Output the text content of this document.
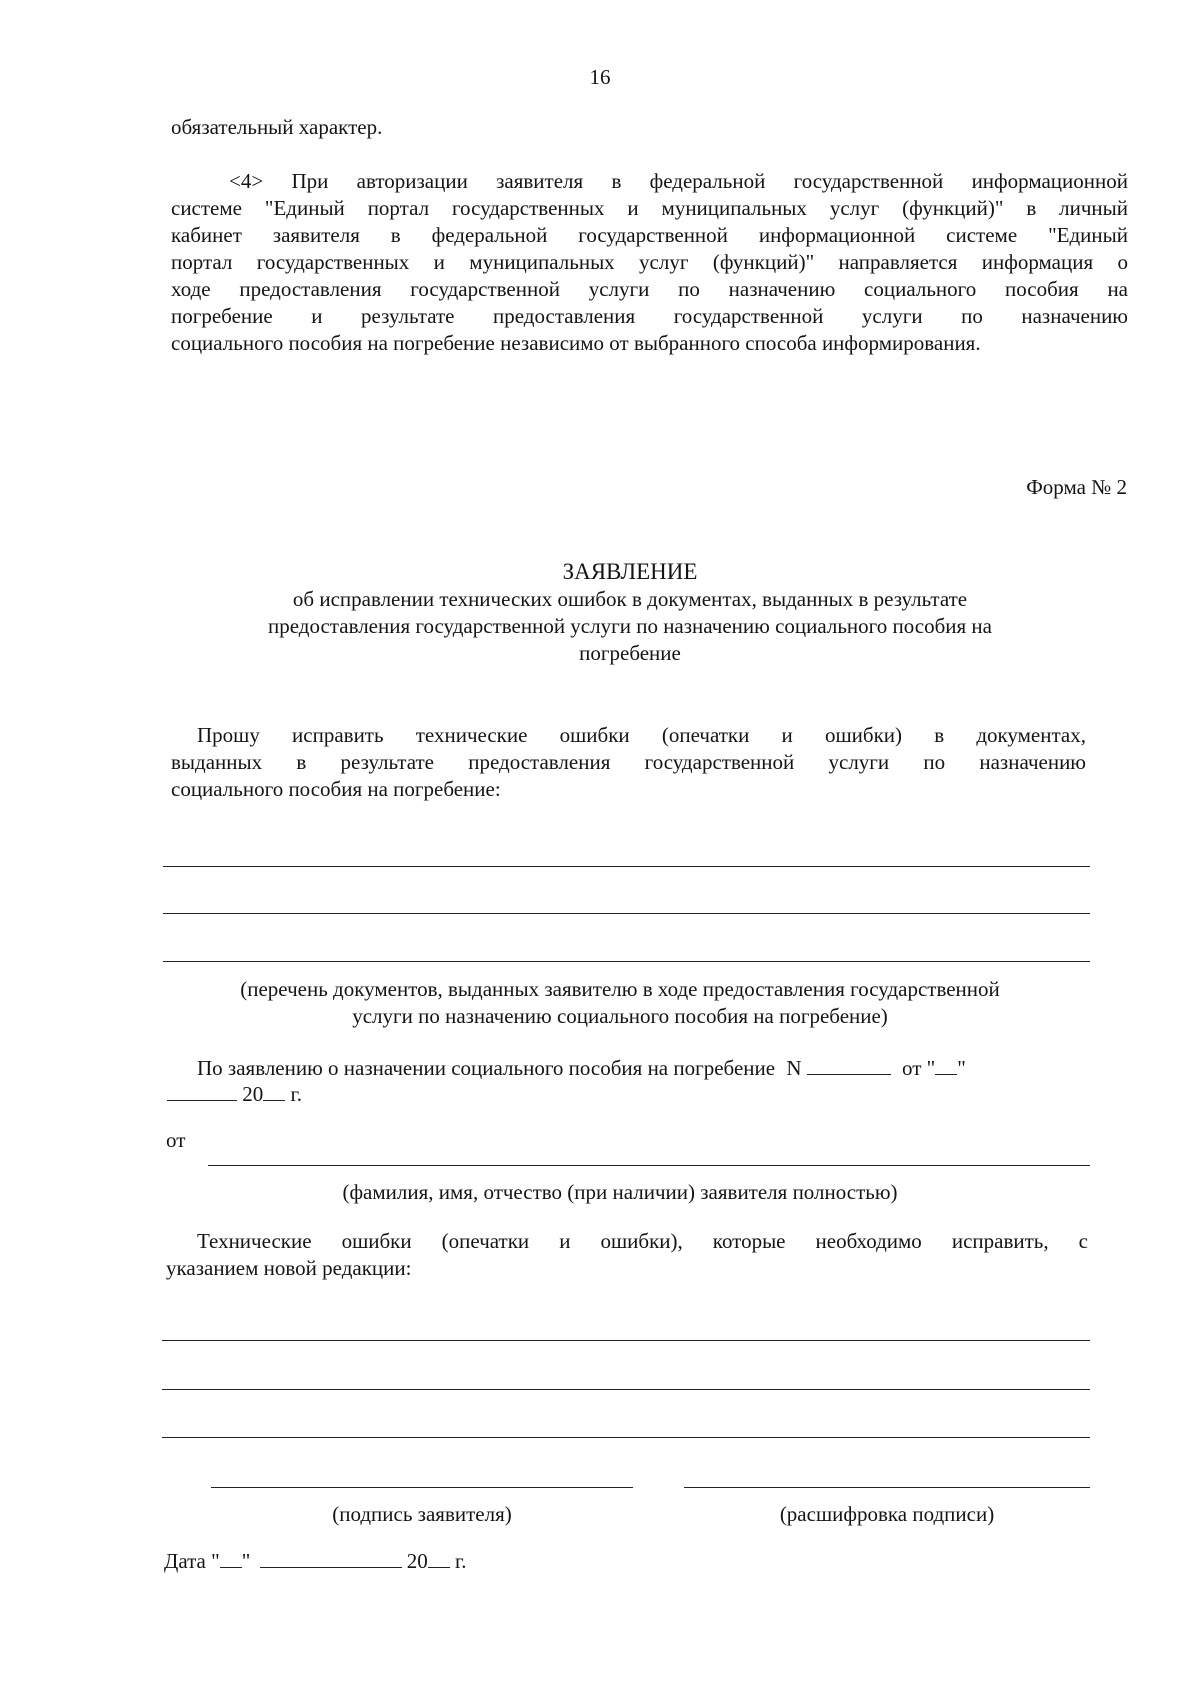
16
обязательный характер.
<4> При авторизации заявителя в федеральной государственной информационной
системе "Единый портал государственных и муниципальных услуг (функций)" в личный
кабинет заявителя в федеральной государственной информационной системе "Единый
портал государственных и муниципальных услуг (функций)" направляется информация о
ходе предоставления государственной услуги по назначению социального пособия на
погребение и результате предоставления государственной услуги по назначению
социального пособия на погребение независимо от выбранного способа информирования.
Форма № 2
ЗАЯВЛЕНИЕ
об исправлении технических ошибок в документах, выданных в результате
предоставления государственной услуги по назначению социального пособия на
погребение
Прошу исправить технические ошибки (опечатки и ошибки) в документах,
выданных в результате предоставления государственной услуги по назначению
социального пособия на погребение:
(перечень документов, выданных заявителю в ходе предоставления государственной
услуги по назначению социального пособия на погребение)
По заявлению о назначении социального пособия на погребение N	от " "
20 г.
от
(фамилия, имя, отчество (при наличии) заявителя полностью)
Технические ошибки (опечатки и ошибки), которые необходимо исправить, с
указанием новой редакции:
(подпись заявителя)	(расшифровка подписи)
Дата " "	20 г.
